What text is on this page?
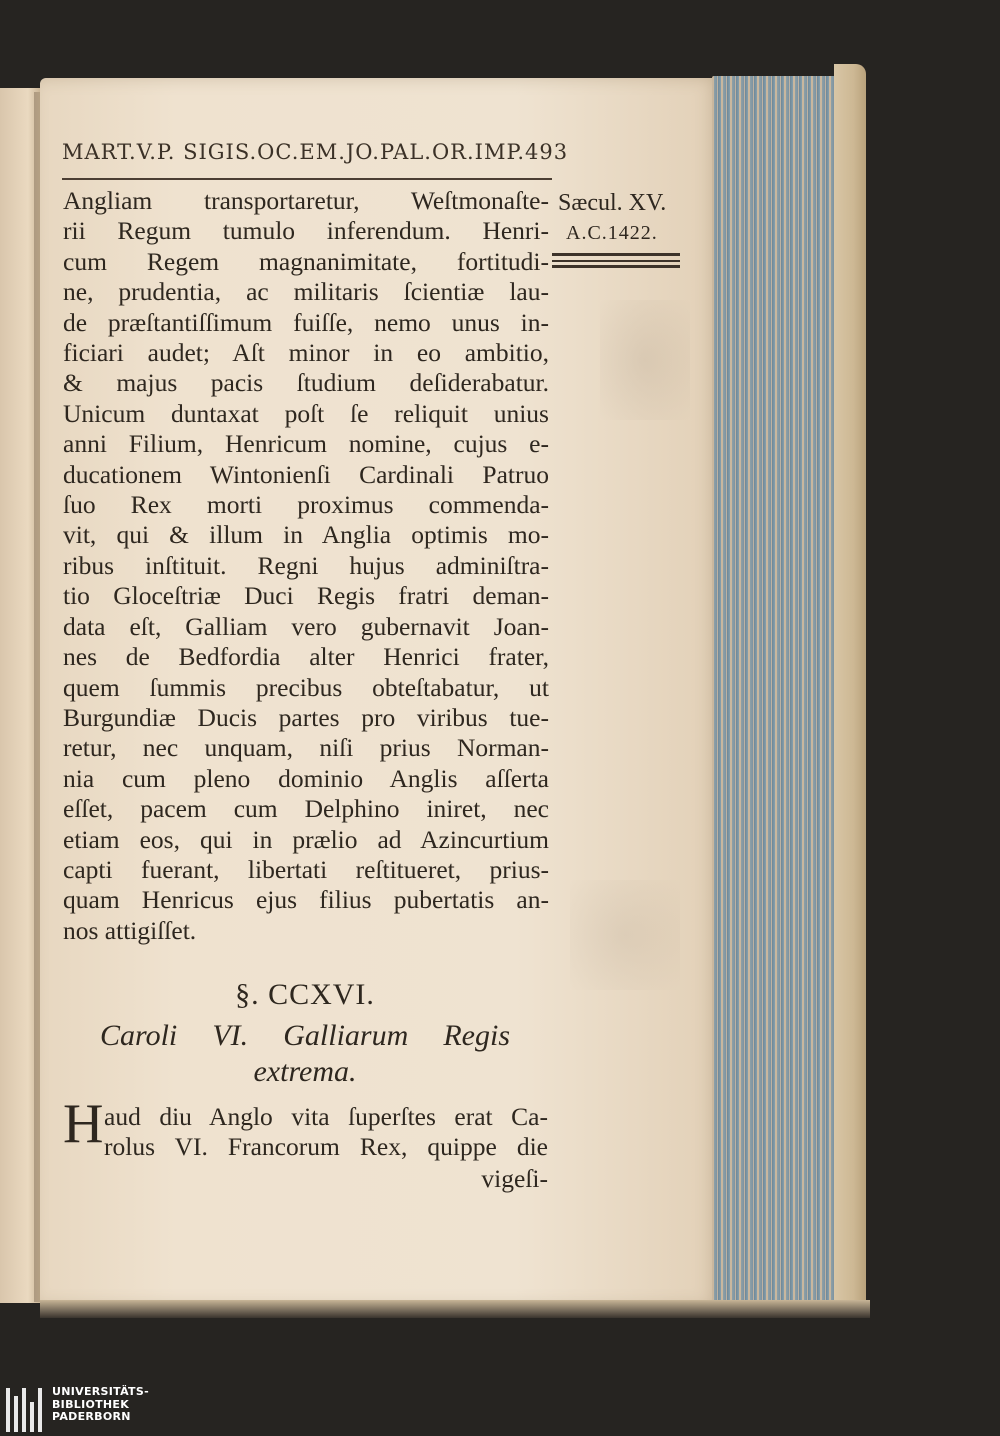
MART.V.P. SIGIS.OC.EM.JO.PAL.OR.IMP.493
Sæcul. XV.
A.C.1422.
Angliam transportaretur, Weſtmonaſte-
rii Regum tumulo inferendum. Henri-
cum Regem magnanimitate, fortitudi-
ne, prudentia, ac militaris ſcientiæ lau-
de præſtantiſſimum fuiſſe, nemo unus in-
ficiari audet; Aſt minor in eo ambitio,
& majus pacis ſtudium deſiderabatur.
Unicum duntaxat poſt ſe reliquit unius
anni Filium, Henricum nomine, cujus e-
ducationem Wintonienſi Cardinali Patruo
ſuo Rex morti proximus commenda-
vit, qui & illum in Anglia optimis mo-
ribus inſtituit. Regni hujus adminiſtra-
tio Gloceſtriæ Duci Regis fratri deman-
data eſt, Galliam vero gubernavit Joan-
nes de Bedfordia alter Henrici frater,
quem ſummis precibus obteſtabatur, ut
Burgundiæ Ducis partes pro viribus tue-
retur, nec unquam, niſi prius Norman-
nia cum pleno dominio Anglis aſſerta
eſſet, pacem cum Delphino iniret, nec
etiam eos, qui in prælio ad Azincurtium
capti fuerant, libertati reſtitueret, prius-
quam Henricus ejus filius pubertatis an-
nos attigiſſet.
§. CCXVI.
Caroli VI. Galliarum Regis
extrema.
H aud diu Anglo vita ſuperſtes erat Ca-
rolus VI. Francorum Rex, quippe die
vigeſi-
UNIVERSITÄTS-
BIBLIOTHEK
PADERBORN
